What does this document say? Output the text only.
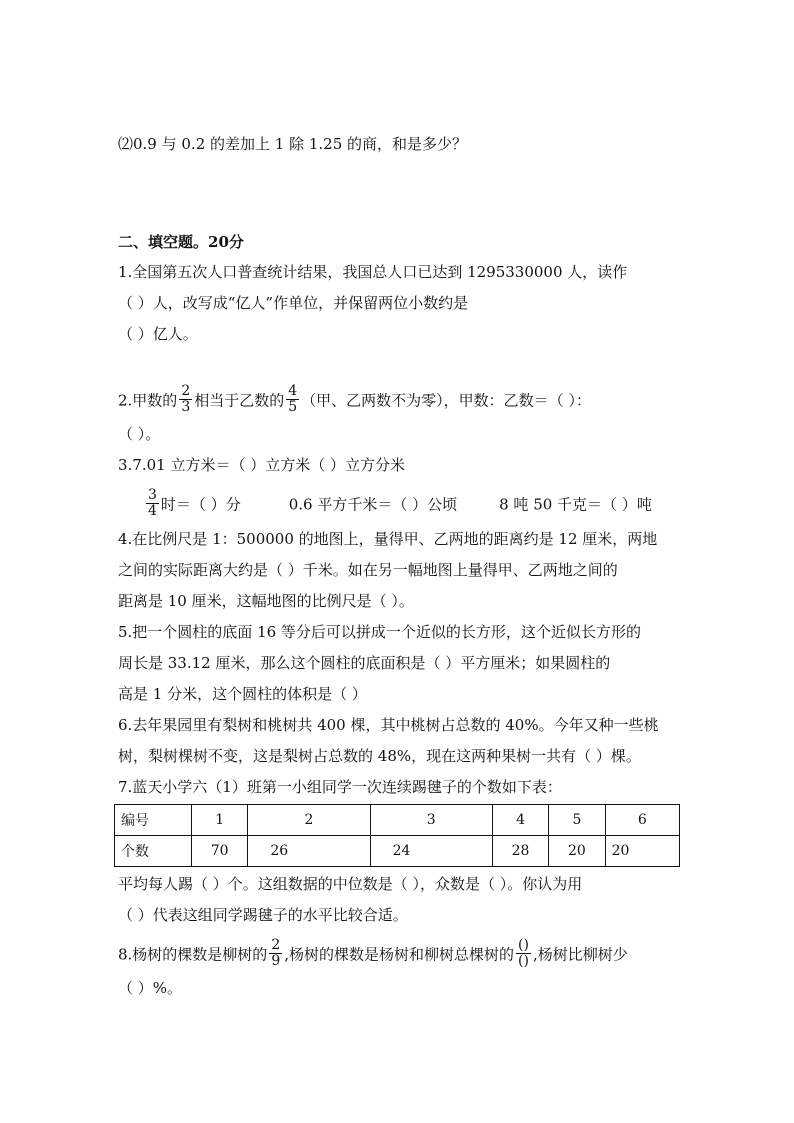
⑵0.9 与 0.2 的差加上 1 除 1.25 的商，和是多少？
二、填空题。20分
1.全国第五次人口普查统计结果，我国总人口已达到 1295330000 人，读作
（ ）人，改写成“亿人”作单位，并保留两位小数约是
（ ）亿人。
2.甲数的 $\frac{2}{3}$ 相当于乙数的 $\frac{4}{5}$ （甲、乙两数不为零），甲数：乙数＝（ ）：
（ ）。
3.7.01 立方米＝（ ）立方米（ ）立方分米
$\frac{3}{4}$ 时＝（ ）分	0.6 平方千米＝（ ）公顷	8 吨 50 千克＝（ ）吨
4.在比例尺是 1：500000 的地图上，量得甲、乙两地的距离约是 12 厘米，两地
之间的实际距离大约是（ ）千米。如在另一幅地图上量得甲、乙两地之间的
距离是 10 厘米，这幅地图的比例尺是（ ）。
5.把一个圆柱的底面 16 等分后可以拼成一个近似的长方形，这个近似长方形的
周长是 33.12 厘米，那么这个圆柱的底面积是（ ）平方厘米；如果圆柱的
高是 1 分米，这个圆柱的体积是（ ）
6.去年果园里有梨树和桃树共 400 棵，其中桃树占总数的 40%。今年又种一些桃
树，梨树棵树不变，这是梨树占总数的 48%，现在这两种果树一共有（ ）棵。
7.蓝天小学六（1）班第一小组同学一次连续踢毽子的个数如下表：
编号	1	2	3	4	5	6
个数	70	26	24	28	20	20
平均每人踢（ ）个。这组数据的中位数是（ ），众数是（ ）。你认为用
（ ）代表这组同学踢毽子的水平比较合适。
8.杨树的棵数是柳树的 $\frac{2}{9}$ ,杨树的棵数是杨树和柳树总棵树的 $\frac{()}{()}$ ,杨树比柳树少
（ ）%。
